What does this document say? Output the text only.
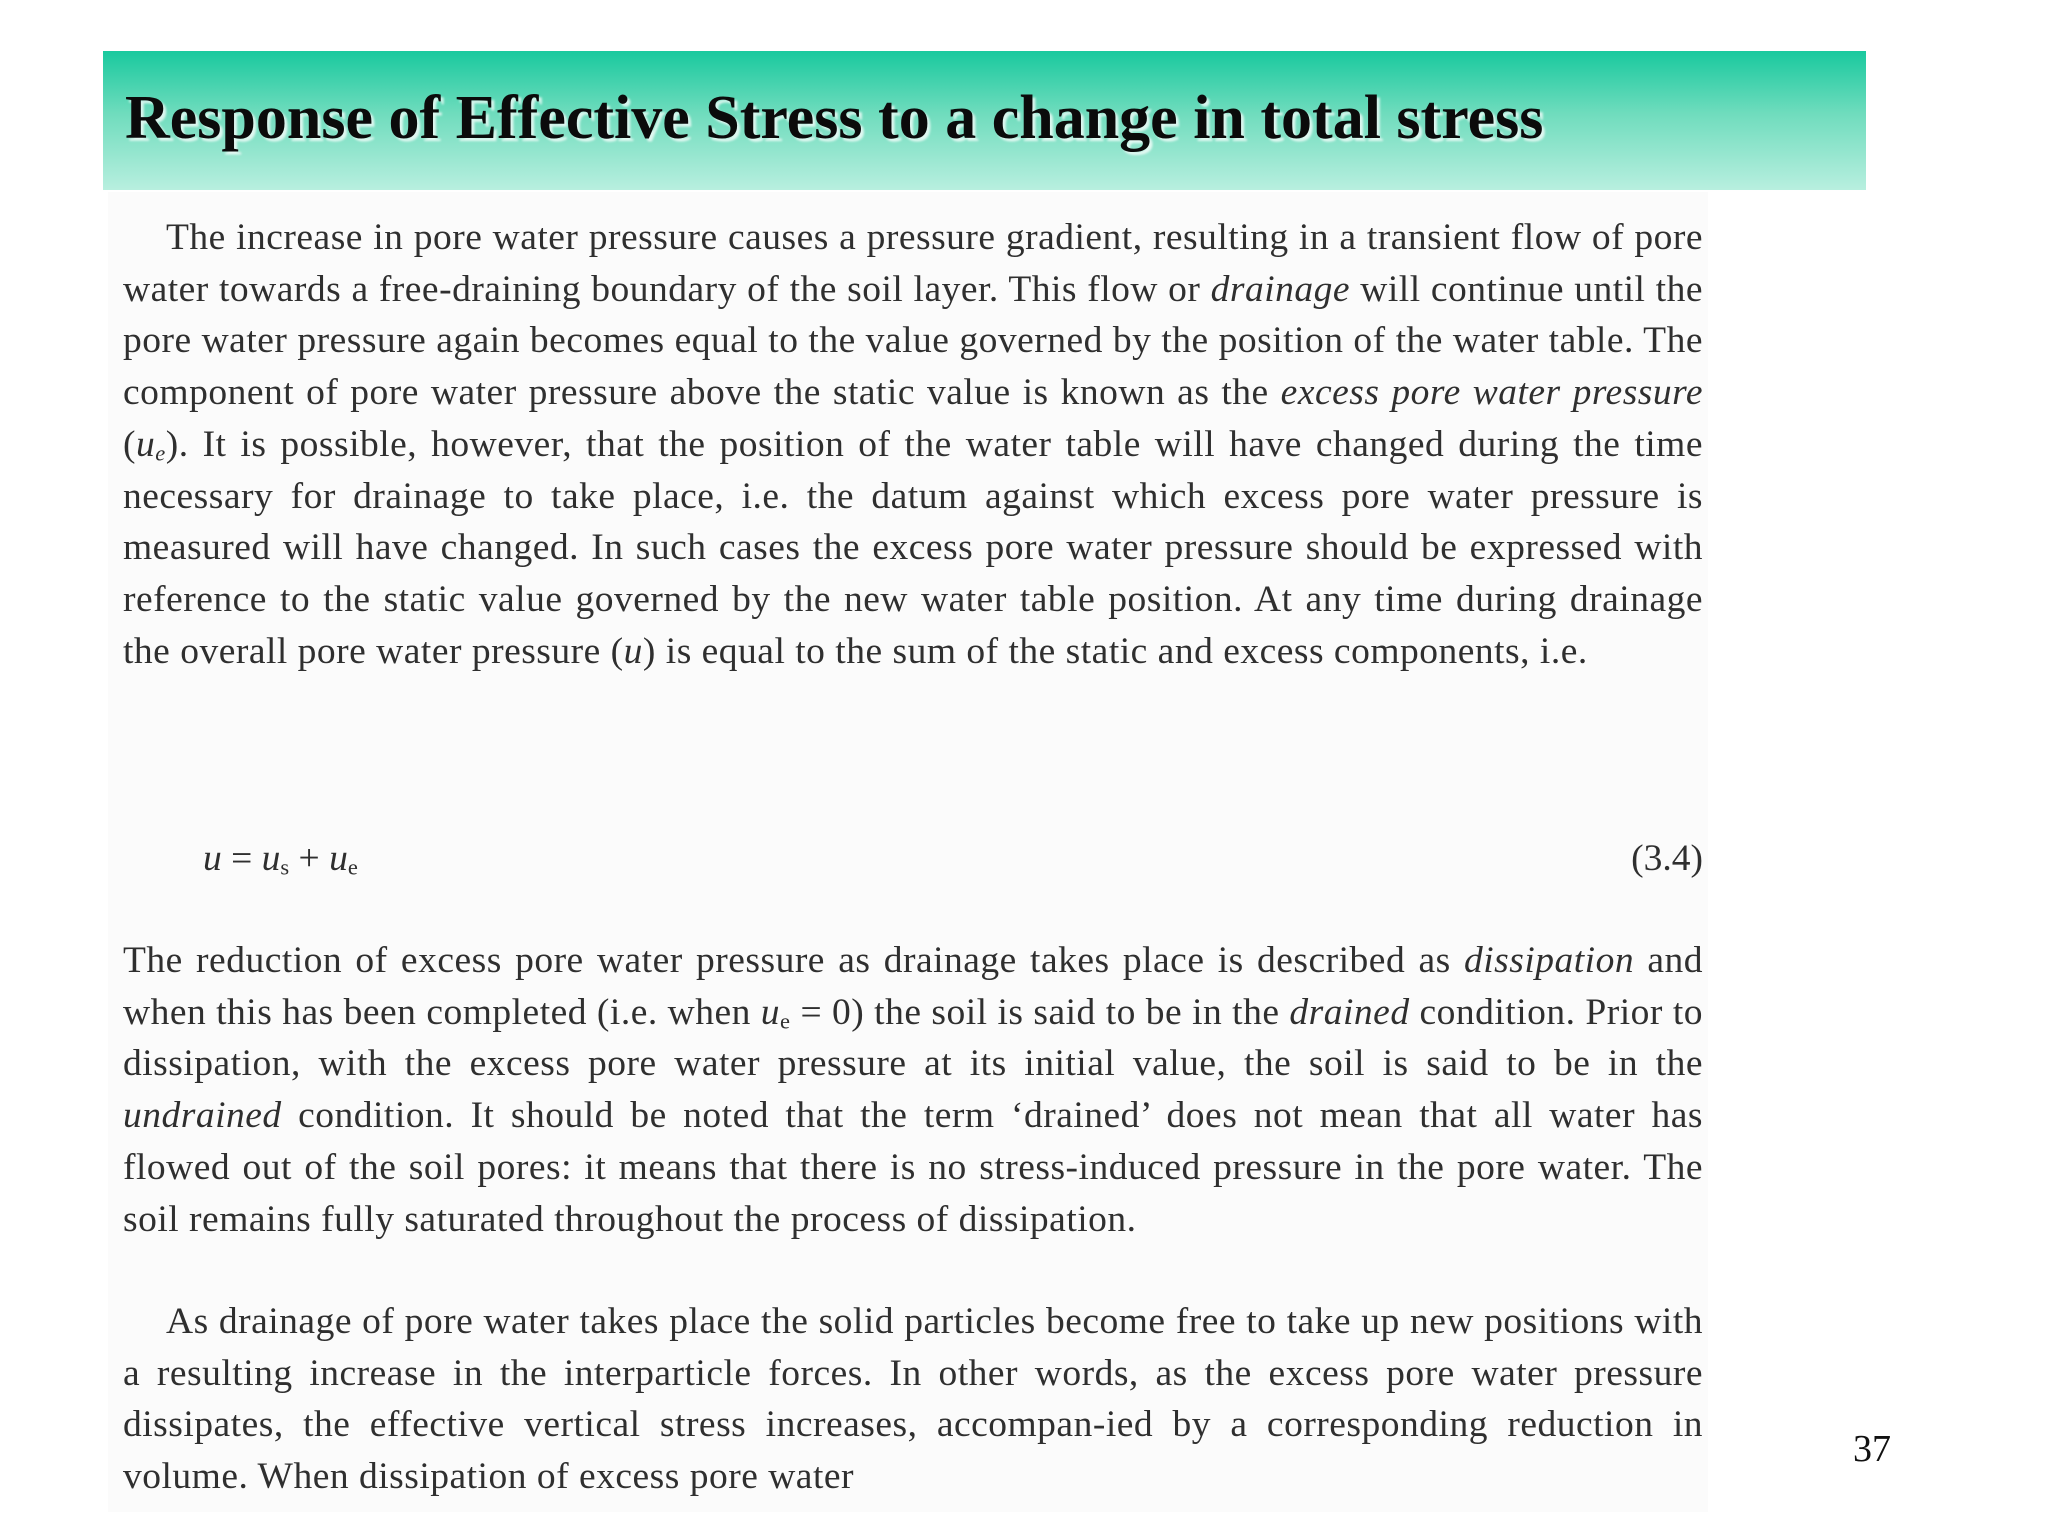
Response of Effective Stress to a change in total stress

The increase in pore water pressure causes a pressure gradient, resulting in a transient flow of pore water towards a free-draining boundary of the soil layer. This flow or drainage will continue until the pore water pressure again becomes equal to the value governed by the position of the water table. The component of pore water pressure above the static value is known as the excess pore water pressure $(u_e)$. It is possible, however, that the position of the water table will have changed during the time necessary for drainage to take place, i.e. the datum against which excess pore water pressure is measured will have changed. In such cases the excess pore water pressure should be expressed with reference to the static value governed by the new water table position. At any time during drainage the overall pore water pressure (u) is equal to the sum of the static and excess components, i.e.

$u = u_s + u_e$	(3.4)

The reduction of excess pore water pressure as drainage takes place is described as dissipation and when this has been completed (i.e. when $u_e = 0$) the soil is said to be in the drained condition. Prior to dissipation, with the excess pore water pressure at its initial value, the soil is said to be in the undrained condition. It should be noted that the term ‘drained’ does not mean that all water has flowed out of the soil pores: it means that there is no stress-induced pressure in the pore water. The soil remains fully saturated throughout the process of dissipation.

As drainage of pore water takes place the solid particles become free to take up new positions with a resulting increase in the interparticle forces. In other words, as the excess pore water pressure dissipates, the effective vertical stress increases, accompan-ied by a corresponding reduction in volume. When dissipation of excess pore water

37
